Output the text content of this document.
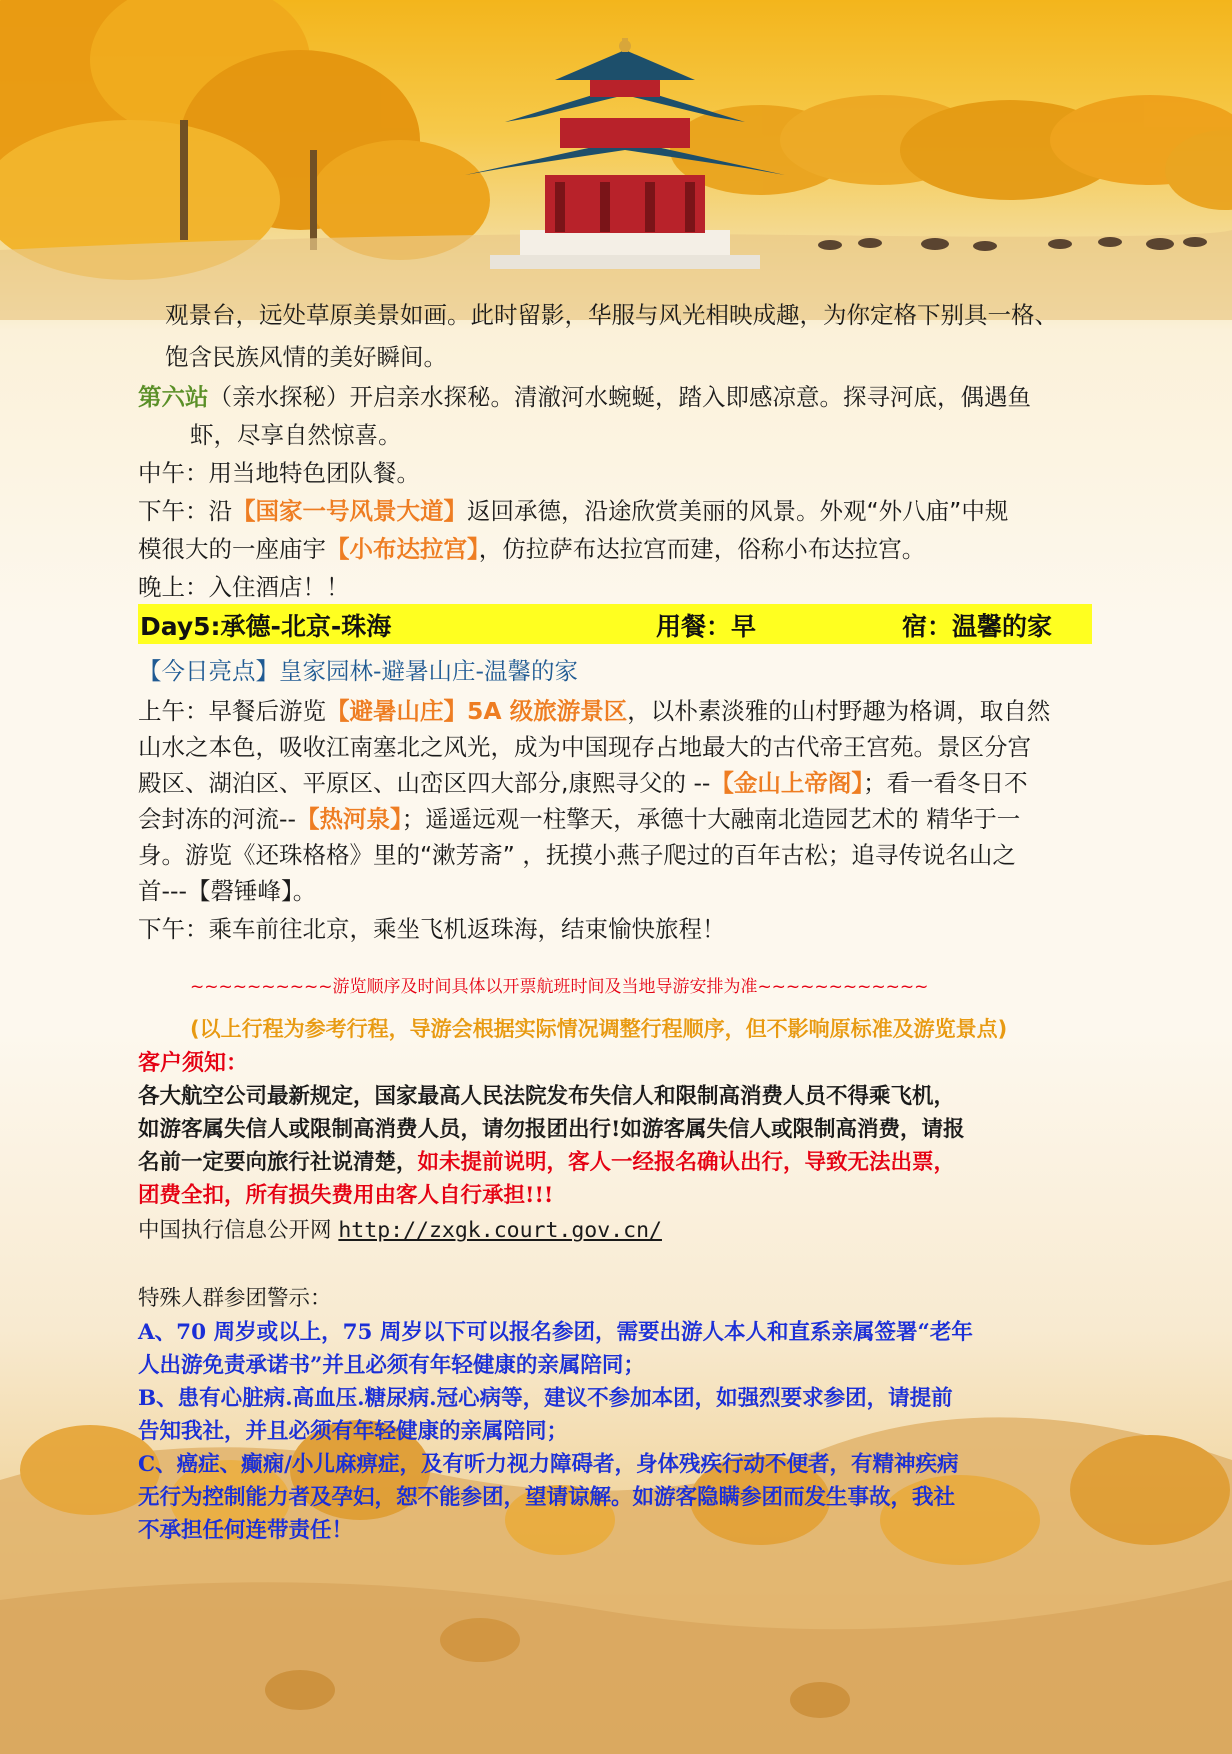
观景台，远处草原美景如画。此时留影，华服与风光相映成趣，为你定格下别具一格、
饱含民族风情的美好瞬间。
第六站（亲水探秘）开启亲水探秘。清澈河水蜿蜒，踏入即感凉意。探寻河底，偶遇鱼
虾，尽享自然惊喜。
中午：用当地特色团队餐。
下午：沿【国家一号风景大道】返回承德，沿途欣赏美丽的风景。外观“外八庙”中规
模很大的一座庙宇【小布达拉宫】，仿拉萨布达拉宫而建，俗称小布达拉宫。
晚上：入住酒店！！
Day5:承德-北京-珠海	用餐：早	宿：温馨的家
【今日亮点】皇家园林-避暑山庄-温馨的家
上午：早餐后游览【避暑山庄】5A 级旅游景区，以朴素淡雅的山村野趣为格调，取自然
山水之本色，吸收江南塞北之风光，成为中国现存占地最大的古代帝王宫苑。景区分宫
殿区、湖泊区、平原区、山峦区四大部分,康熙寻父的 --【金山上帝阁】；看一看冬日不
会封冻的河流--【热河泉】；遥遥远观一柱擎天，承德十大融南北造园艺术的 精华于一
身。游览《还珠格格》里的“漱芳斋” ，抚摸小燕子爬过的百年古松；追寻传说名山之
首---【磬锤峰】。
下午：乘车前往北京，乘坐飞机返珠海，结束愉快旅程！
~~~~~~~~~~游览顺序及时间具体以开票航班时间及当地导游安排为准~~~~~~~~~~~~
(以上行程为参考行程，导游会根据实际情况调整行程顺序，但不影响原标准及游览景点)
客户须知：
各大航空公司最新规定，国家最高人民法院发布失信人和限制高消费人员不得乘飞机，
如游客属失信人或限制高消费人员，请勿报团出行!如游客属失信人或限制高消费，请报
名前一定要向旅行社说清楚，如未提前说明，客人一经报名确认出行，导致无法出票，
团费全扣，所有损失费用由客人自行承担!!!
中国执行信息公开网 http://zxgk.court.gov.cn/
特殊人群参团警示：
A、70 周岁或以上，75 周岁以下可以报名参团，需要出游人本人和直系亲属签署“老年
人出游免责承诺书”并且必须有年轻健康的亲属陪同；
B、患有心脏病.高血压.糖尿病.冠心病等，建议不参加本团，如强烈要求参团，请提前
告知我社，并且必须有年轻健康的亲属陪同；
C、癌症、癫痫/小儿麻痹症，及有听力视力障碍者，身体残疾行动不便者，有精神疾病
无行为控制能力者及孕妇，恕不能参团，望请谅解。如游客隐瞒参团而发生事故，我社
不承担任何连带责任！
